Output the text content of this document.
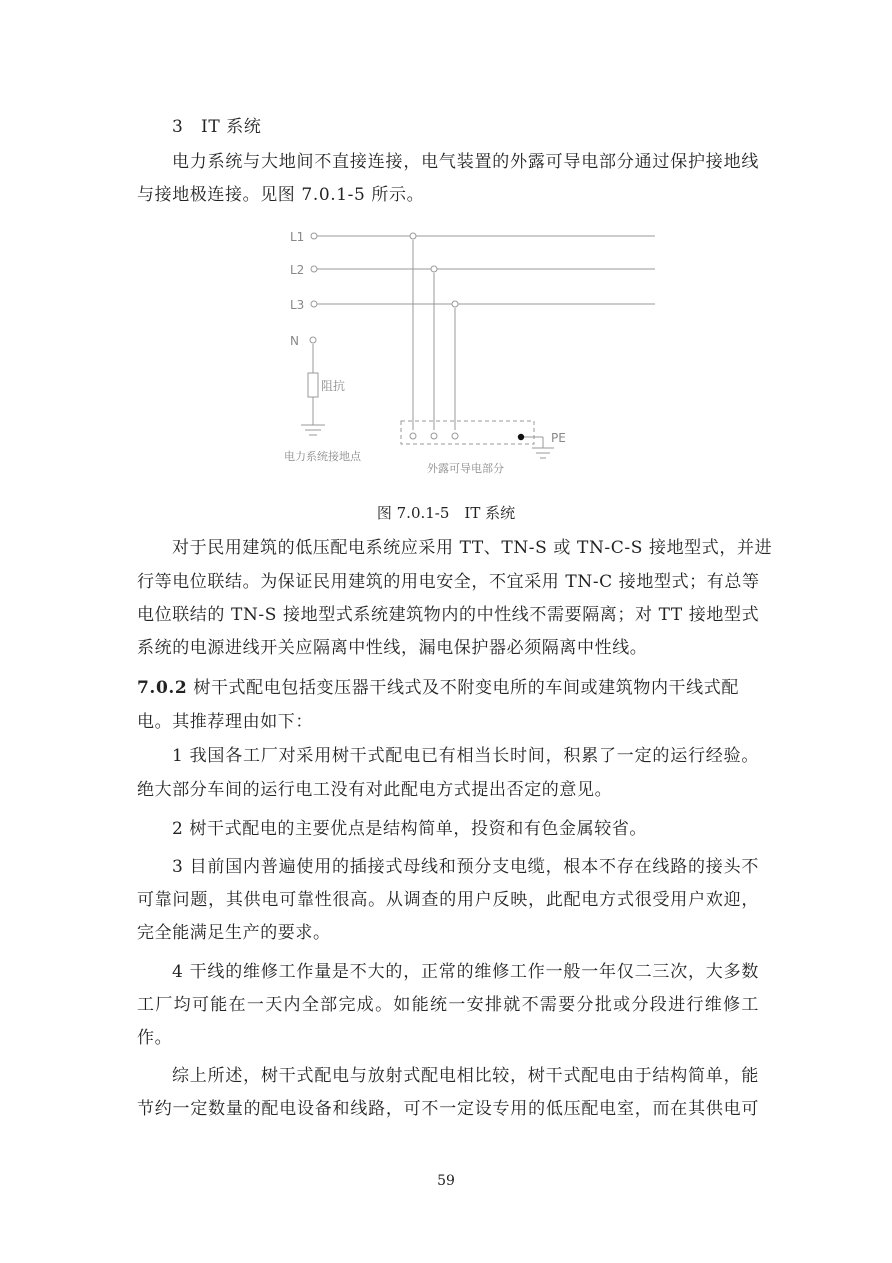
3　IT 系统
电力系统与大地间不直接连接，电气装置的外露可导电部分通过保护接地线
与接地极连接。见图 7.0.1-5 所示。
L1
L2
L3
N
阻抗
PE
电力系统接地点
外露可导电部分
图 7.0.1-5　IT 系统
对于民用建筑的低压配电系统应采用 TT、TN-S 或 TN-C-S 接地型式，并进
行等电位联结。为保证民用建筑的用电安全，不宜采用 TN-C 接地型式；有总等
电位联结的 TN-S 接地型式系统建筑物内的中性线不需要隔离；对 TT 接地型式
系统的电源进线开关应隔离中性线，漏电保护器必须隔离中性线。
7.0.2 树干式配电包括变压器干线式及不附变电所的车间或建筑物内干线式配
电。其推荐理由如下：
1 我国各工厂对采用树干式配电已有相当长时间，积累了一定的运行经验。
绝大部分车间的运行电工没有对此配电方式提出否定的意见。
2 树干式配电的主要优点是结构简单，投资和有色金属较省。
3 目前国内普遍使用的插接式母线和预分支电缆，根本不存在线路的接头不
可靠问题，其供电可靠性很高。从调查的用户反映，此配电方式很受用户欢迎，
完全能满足生产的要求。
4 干线的维修工作量是不大的，正常的维修工作一般一年仅二三次，大多数
工厂均可能在一天内全部完成。如能统一安排就不需要分批或分段进行维修工
作。
综上所述，树干式配电与放射式配电相比较，树干式配电由于结构简单，能
节约一定数量的配电设备和线路，可不一定设专用的低压配电室，而在其供电可
59
